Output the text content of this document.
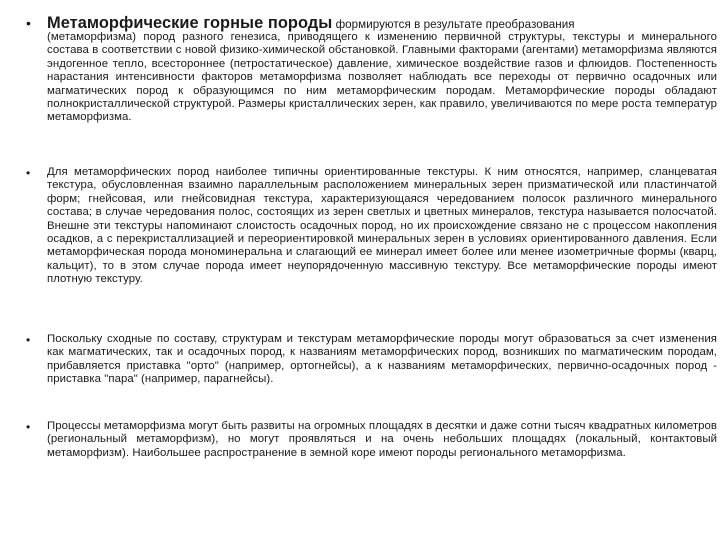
• Метаморфические горные породы формируются в результате преобразования
(метаморфизма) пород разного генезиса, приводящего к изменению первичной структуры, текстуры и минерального состава в соответствии с новой физико-химической обстановкой. Главными факторами (агентами) метаморфизма являются эндогенное тепло, всестороннее (петростатическое) давление, химическое воздействие газов и флюидов. Постепенность нарастания интенсивности факторов метаморфизма позволяет наблюдать все переходы от первично осадочных или магматических пород к образующимся по ним метаморфическим породам. Метаморфические породы обладают полнокристаллической структурой. Размеры кристаллических зерен, как правило, увеличиваются по мере роста температур метаморфизма.
• Для метаморфических пород наиболее типичны ориентированные текстуры. К ним относятся, например, сланцеватая текстура, обусловленная взаимно параллельным расположением минеральных зерен призматической или пластинчатой форм; гнейсовая, или гнейсовидная текстура, характеризующаяся чередованием полосок различного минерального состава; в случае чередования полос, состоящих из зерен светлых и цветных минералов, текстура называется полосчатой. Внешне эти текстуры напоминают слоистость осадочных пород, но их происхождение связано не с процессом накопления осадков, а с перекристаллизацией и переориентировкой минеральных зерен в условиях ориентированного давления. Если метаморфическая порода мономинеральна и слагающий ее минерал имеет более или менее изометричные формы (кварц, кальцит), то в этом случае порода имеет неупорядоченную массивную текстуру. Все метаморфические породы имеют плотную текстуру.
• Поскольку сходные по составу, структурам и текстурам метаморфические породы могут образоваться за счет изменения как магматических, так и осадочных пород, к названиям метаморфических пород, возникших по магматическим породам, прибавляется приставка "орто" (например, ортогнейсы), а к названиям метаморфических, первично-осадочных пород - приставка "пара" (например, парагнейсы).
• Процессы метаморфизма могут быть развиты на огромных площадях в десятки и даже сотни тысяч квадратных километров (региональный метаморфизм), но могут проявляться и на очень небольших площадях (локальный, контактовый метаморфизм). Наибольшее распространение в земной коре имеют породы регионального метаморфизма.
